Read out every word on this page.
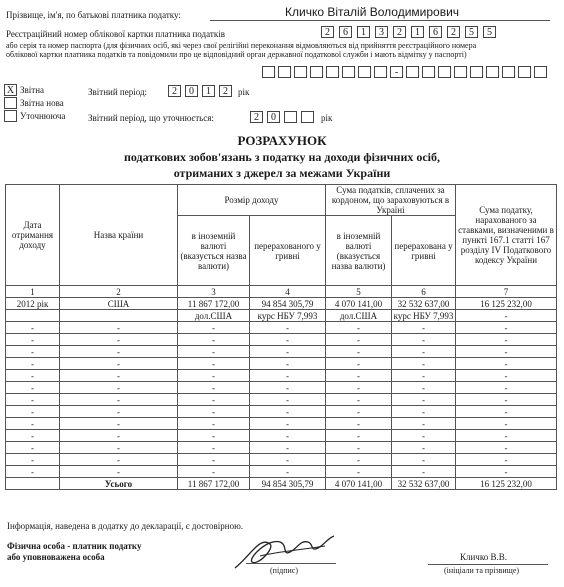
Прізвище, ім'я, по батькові платника податку:	Кличко Віталій Володимирович
Реєстраційний номер облікової картки платника податків	2	6	1	3	2	1	6	2	5	5
або серія та номер паспорта (для фізичних осіб, які через свої релігійні переконання відмовляються від прийняття реєстраційного номера облікової картки платника податків та повідомили про це відповідний орган державної податкової служби і мають відмітку у паспорті)
-
X Звітна
Звітна нова
Уточнююча
Звітний період:	2	0	1	2	рік
Звітний період, що уточнюється:	2	0	рік
РОЗРАХУНОК
податкових зобов'язань з податку на доходи фізичних осіб,
отриманих з джерел за межами України
Дата отримання доходу	Назва країни	Розмір доходу		Сума податків, сплачених за кордоном, що зараховуються в Україні		Сума податку, нарахованого за ставками, визначеними в пункті 167.1 статті 167 розділу IV Податкового кодексу України
		в іноземній валюті (вказується назва валюти)	перерахованого у гривні	в іноземній валюті (вказується назва валюти)	перерахована у гривні	
1	2	3	4	5	6	7
2012 рік	США	11 867 172,00	94 854 305,79	4 070 141,00	32 532 637,00	16 125 232,00
		дол.США	курс НБУ 7,993	дол.США	курс НБУ 7,993	-
-	-	-	-	-	-	-
-	-	-	-	-	-	-
-	-	-	-	-	-	-
-	-	-	-	-	-	-
-	-	-	-	-	-	-
-	-	-	-	-	-	-
-	-	-	-	-	-	-
-	-	-	-	-	-	-
-	-	-	-	-	-	-
-	-	-	-	-	-	-
-	-	-	-	-	-	-
-	-	-	-	-	-	-
-	-	-	-	-	-	-
	Усього	11 867 172,00	94 854 305,79	4 070 141,00	32 532 637,00	16 125 232,00
Інформація, наведена в додатку до декларації, є достовірною.
Фізична особа - платник податку
або уповноважена особа
(підпис)
Кличко В.В.
(ініціали та прізвище)
